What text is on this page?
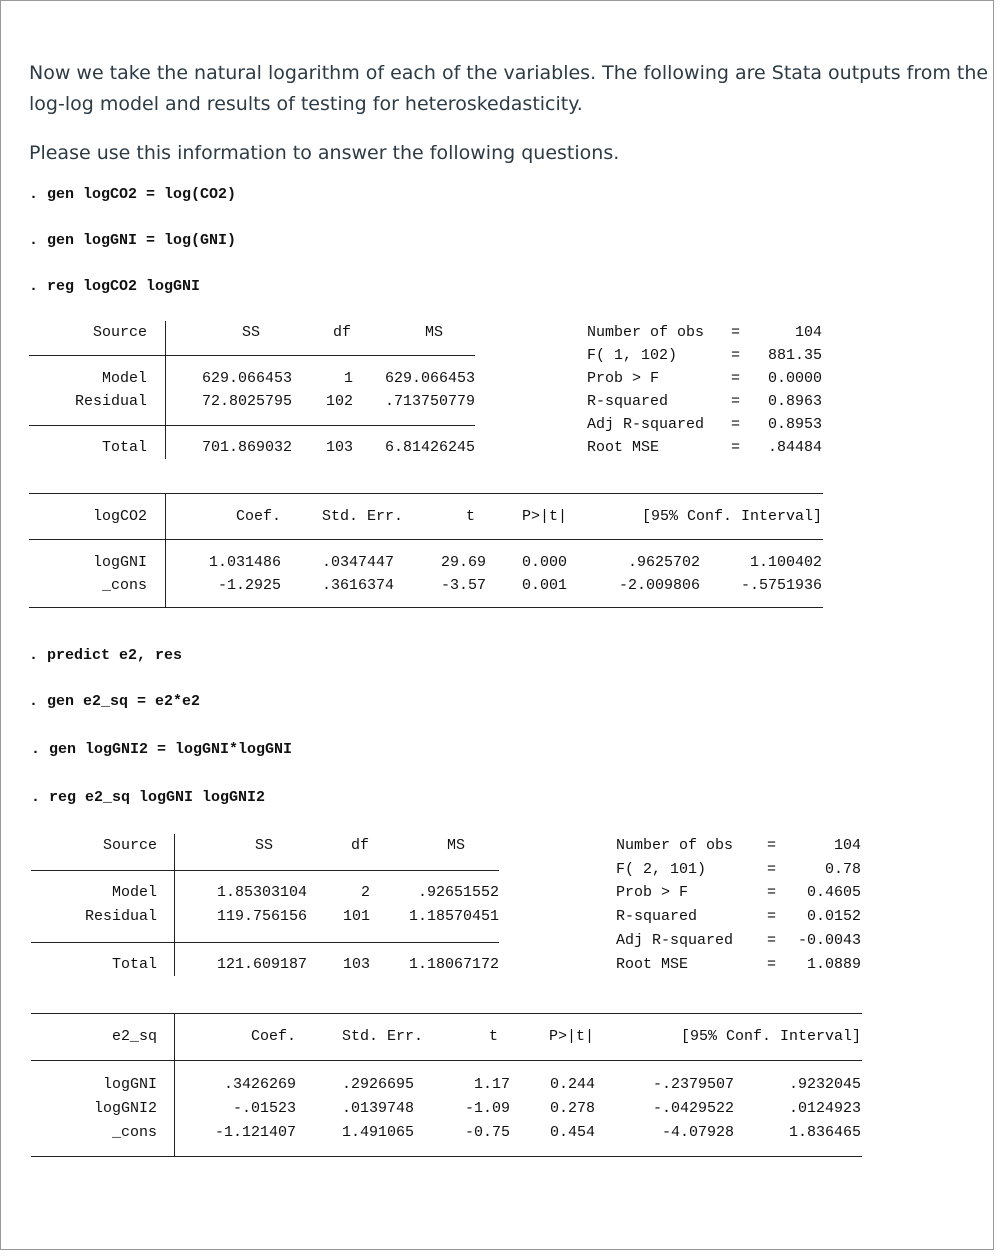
Now we take the natural logarithm of each of the variables. The following are Stata outputs from the

log-log model and results of testing for heteroskedasticity.

Please use this information to answer the following questions.

. gen logCO2 = log(CO2)
. gen logGNI = log(GNI)
. reg logCO2 logGNI
Source	SS	df	MS
Model	629.066453	1	629.066453
Residual	72.8025795	102	.713750779
Total	701.869032	103	6.81426245
Number of obs =	104
F( 1, 102)	=	881.35
Prob > F	=	0.0000
R-squared	=	0.8963
Adj R-squared =	0.8953
Root MSE	=	.84484
logCO2	Coef.	Std. Err.	t	P>|t|	[95% Conf. Interval]
logGNI	1.031486	.0347447	29.69	0.000	.9625702	1.100402
_cons	-1.2925	.3616374	-3.57	0.001	-2.009806	-.5751936
. predict e2, res
. gen e2_sq = e2*e2
. gen logGNI2 = logGNI*logGNI
. reg e2_sq logGNI logGNI2
Source	SS	df	MS
Model	1.85303104	2	.92651552
Residual	119.756156	101	1.18570451
Total	121.609187	103	1.18067172
Number of obs =	104
F( 2, 101)	=	0.78
Prob > F	=	0.4605
R-squared	=	0.0152
Adj R-squared =	-0.0043
Root MSE	=	1.0889
e2_sq	Coef.	Std. Err.	t	P>|t|	[95% Conf. Interval]
logGNI	.3426269	.2926695	1.17	0.244	-.2379507	.9232045
logGNI2	-.01523	.0139748	-1.09	0.278	-.0429522	.0124923
_cons	-1.121407	1.491065	-0.75	0.454	-4.07928	1.836465
